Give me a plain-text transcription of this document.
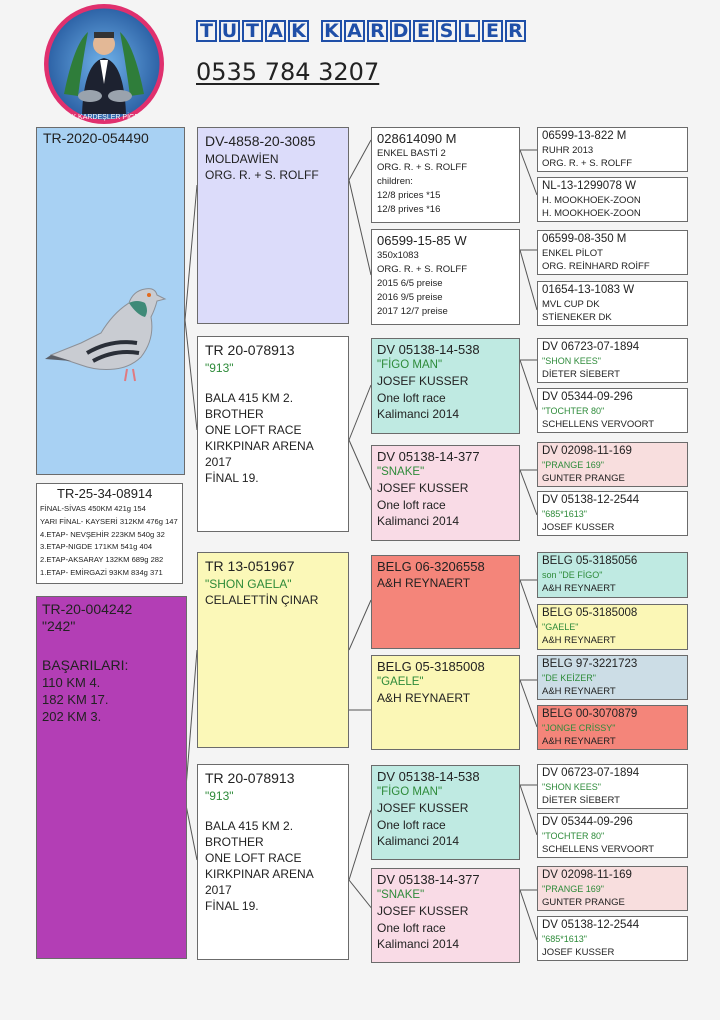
TUTAK KARDEŞLER PİGEONS
T U T A K K A R D E S L E R
0535 784 3207
TR-2020-054490
TR-25-34-08914
FİNAL-SİVAS 450KM 421g 154
YARI FİNAL- KAYSERİ 312KM 476g 147
4.ETAP- NEVŞEHİR 223KM 540g 32
3.ETAP-NIGDE 171KM 541g 404
2.ETAP-AKSARAY 132KM 689g 282
1.ETAP- EMİRGAZİ 93KM 834g 371
TR-20-004242
"242"
BAŞARILARI:
110 KM 4.
182 KM 17.
202 KM 3.
DV-4858-20-3085
MOLDAWİEN
ORG. R. + S. ROLFF
TR 20-078913
"913"
BALA 415 KM 2.
BROTHER
ONE LOFT RACE
KIRKPINAR ARENA
2017
FİNAL 19.
TR 13-051967
"SHON GAELA"
CELALETTİN ÇINAR
TR 20-078913
"913"
BALA 415 KM 2.
BROTHER
ONE LOFT RACE
KIRKPINAR ARENA
2017
FİNAL 19.
028614090 M
ENKEL BASTİ 2
ORG. R. + S. ROLFF
children:
12/8 prices *15
12/8 prives *16
06599-15-85 W
350x1083
ORG. R. + S. ROLFF
2015 6/5 preise
2016 9/5 preise
2017 12/7 preise
DV 05138-14-538
"FİGO MAN"
JOSEF KUSSER
One loft race
Kalimanci 2014
DV 05138-14-377
"SNAKE"
JOSEF KUSSER
One loft race
Kalimanci 2014
BELG 06-3206558
A&H REYNAERT
BELG 05-3185008
"GAELE"
A&H REYNAERT
DV 05138-14-538
"FİGO MAN"
JOSEF KUSSER
One loft race
Kalimanci 2014
DV 05138-14-377
"SNAKE"
JOSEF KUSSER
One loft race
Kalimanci 2014
06599-13-822 M
RUHR 2013
ORG. R. + S. ROLFF
NL-13-1299078 W
H. MOOKHOEK-ZOON
H. MOOKHOEK-ZOON
06599-08-350 M
ENKEL PİLOT
ORG. REİNHARD ROİFF
01654-13-1083 W
MVL CUP DK
STİENEKER DK
DV 06723-07-1894
"SHON KEES"
DİETER SİEBERT
DV 05344-09-296
"TOCHTER 80"
SCHELLENS VERVOORT
DV 02098-11-169
"PRANGE 169"
GUNTER PRANGE
DV 05138-12-2544
"685*1613"
JOSEF KUSSER
BELG 05-3185056
son "DE FİGO"
A&H REYNAERT
BELG 05-3185008
"GAELE"
A&H REYNAERT
BELG 97-3221723
"DE KEİZER"
A&H REYNAERT
BELG 00-3070879
"JONGE CRİSSY"
A&H REYNAERT
DV 06723-07-1894
"SHON KEES"
DİETER SİEBERT
DV 05344-09-296
"TOCHTER 80"
SCHELLENS VERVOORT
DV 02098-11-169
"PRANGE 169"
GUNTER PRANGE
DV 05138-12-2544
"685*1613"
JOSEF KUSSER
